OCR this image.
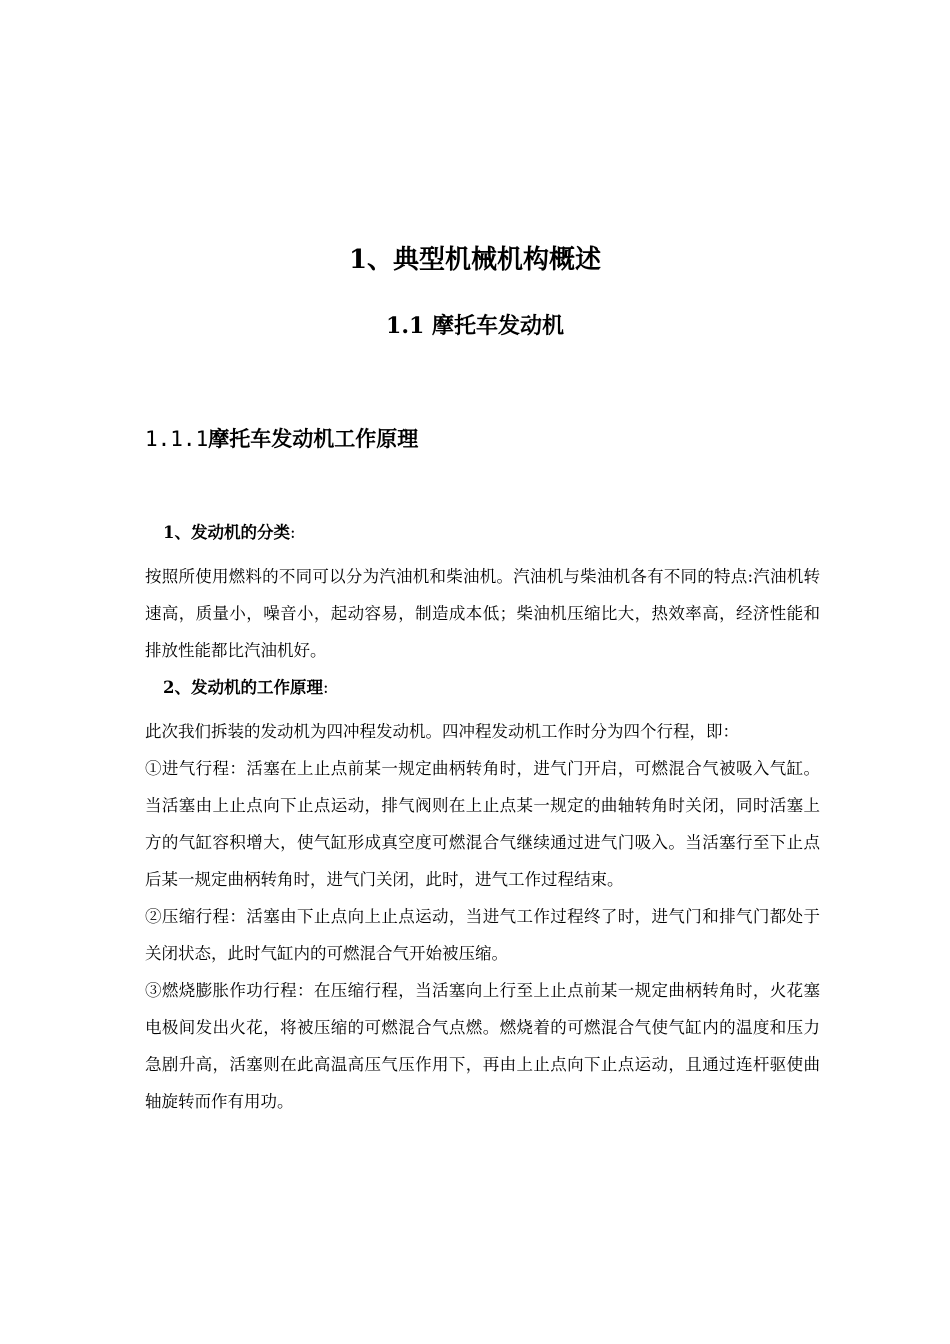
1、典型机械机构概述
1.1 摩托车发动机
1.1.1摩托车发动机工作原理

1、发动机的分类:

按照所使用燃料的不同可以分为汽油机和柴油机。汽油机与柴油机各有不同的特点:汽油机转速高，质量小，噪音小，起动容易，制造成本低；柴油机压缩比大，热效率高，经济性能和排放性能都比汽油机好。

2、发动机的工作原理:

此次我们拆装的发动机为四冲程发动机。四冲程发动机工作时分为四个行程，即：

①进气行程：活塞在上止点前某一规定曲柄转角时，进气门开启，可燃混合气被吸入气缸。当活塞由上止点向下止点运动，排气阀则在上止点某一规定的曲轴转角时关闭，同时活塞上方的气缸容积增大，使气缸形成真空度可燃混合气继续通过进气门吸入。当活塞行至下止点后某一规定曲柄转角时，进气门关闭，此时，进气工作过程结束。

②压缩行程：活塞由下止点向上止点运动，当进气工作过程终了时，进气门和排气门都处于关闭状态，此时气缸内的可燃混合气开始被压缩。

③燃烧膨胀作功行程：在压缩行程，当活塞向上行至上止点前某一规定曲柄转角时，火花塞电极间发出火花，将被压缩的可燃混合气点燃。燃烧着的可燃混合气使气缸内的温度和压力急剧升高，活塞则在此高温高压气压作用下，再由上止点向下止点运动，且通过连杆驱使曲轴旋转而作有用功。
